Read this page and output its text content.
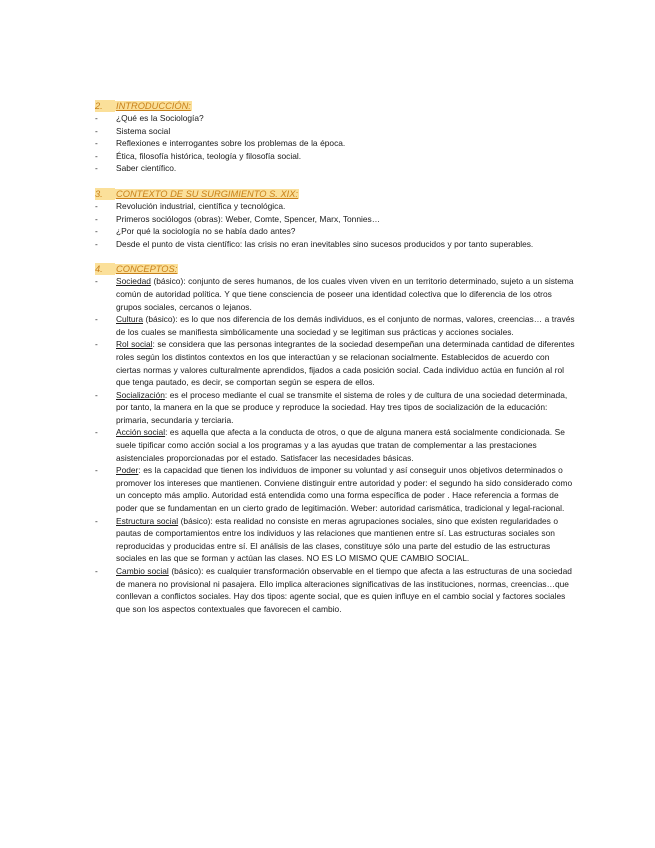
2. INTRODUCCIÓN:

- ¿Qué es la Sociología?
- Sistema social
- Reflexiones e interrogantes sobre los problemas de la época.
- Ética, filosofía histórica, teología y filosofía social.
- Saber científico.

3. CONTEXTO DE SU SURGIMIENTO S. XIX:

- Revolución industrial, científica y tecnológica.
- Primeros sociólogos (obras): Weber, Comte, Spencer, Marx, Tonnies…
- ¿Por qué la sociología no se había dado antes?
- Desde el punto de vista científico: las crisis no eran inevitables sino sucesos producidos y por tanto superables.

4. CONCEPTOS:

- Sociedad (básico): conjunto de seres humanos, de los cuales viven viven en un territorio determinado, sujeto a un sistema común de autoridad política. Y que tiene consciencia de poseer una identidad colectiva que lo diferencia de los otros grupos sociales, cercanos o lejanos.
- Cultura (básico): es lo que nos diferencia de los demás individuos, es el conjunto de normas, valores, creencias… a través de los cuales se manifiesta simbólicamente una sociedad y se legitiman sus prácticas y acciones sociales.
- Rol social: se considera que las personas integrantes de la sociedad desempeñan una determinada cantidad de diferentes roles según los distintos contextos en los que interactúan y se relacionan socialmente. Establecidos de acuerdo con ciertas normas y valores culturalmente aprendidos, fijados a cada posición social. Cada individuo actúa en función al rol que tenga pautado, es decir, se comportan según se espera de ellos.
- Socialización: es el proceso mediante el cual se transmite el sistema de roles y de cultura de una sociedad determinada, por tanto, la manera en la que se produce y reproduce la sociedad. Hay tres tipos de socialización de la educación: primaria, secundaria y terciaria.
- Acción social: es aquella que afecta a la conducta de otros, o que de alguna manera está socialmente condicionada. Se suele tipificar como acción social a los programas y a las ayudas que tratan de complementar a las prestaciones asistenciales proporcionadas por el estado. Satisfacer las necesidades básicas.
- Poder: es la capacidad que tienen los individuos de imponer su voluntad y así conseguir unos objetivos determinados o promover los intereses que mantienen. Conviene distinguir entre autoridad y poder: el segundo ha sido considerado como un concepto más amplio. Autoridad está entendida como una forma específica de poder . Hace referencia a formas de poder que se fundamentan en un cierto grado de legitimación. Weber: autoridad carismática, tradicional y legal-racional.
- Estructura social (básico): esta realidad no consiste en meras agrupaciones sociales, sino que existen regularidades o pautas de comportamientos entre los individuos y las relaciones que mantienen entre sí. Las estructuras sociales son reproducidas y producidas entre sí. El análisis de las clases, constituye sólo una parte del estudio de las estructuras sociales en las que se forman y actúan las clases. NO ES LO MISMO QUE CAMBIO SOCIAL.
- Cambio social (básico): es cualquier transformación observable en el tiempo que afecta a las estructuras de una sociedad de manera no provisional ni pasajera. Ello implica alteraciones significativas de las instituciones, normas, creencias…que conllevan a conflictos sociales. Hay dos tipos: agente social, que es quien influye en el cambio social y factores sociales que son los aspectos contextuales que favorecen el cambio.
